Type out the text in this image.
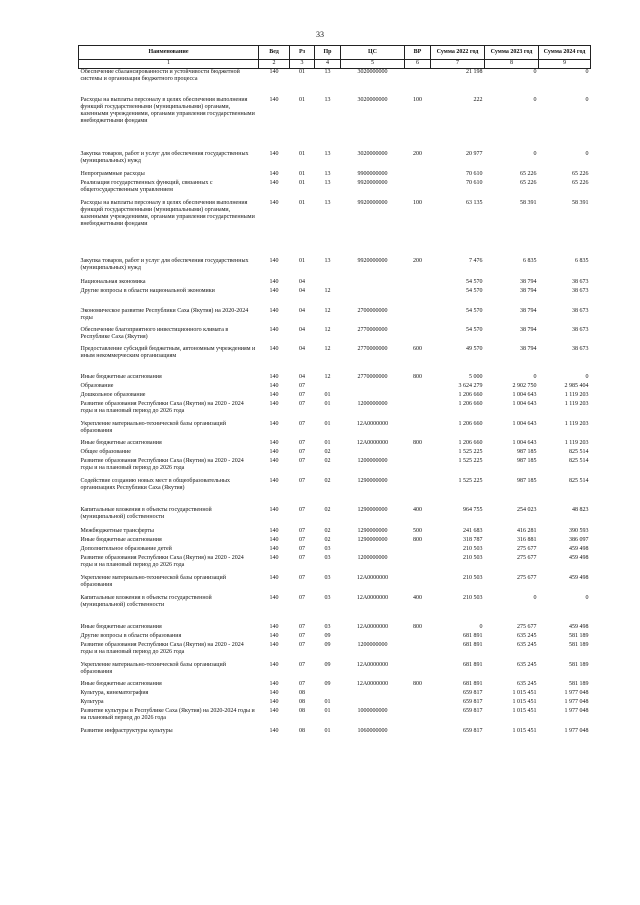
33
Наименование	Вед	Рз	Пр	ЦС	ВР	Сумма 2022 год	Сумма 2023 год	Сумма 2024 год
1	2	3	4	5	6	7	8	9
Обеспечение сбалансированности и устойчивости бюджетной системы и организация бюджетного процесса	140	01	13	3020000000		21 198	0	0
Расходы на выплаты персоналу в целях обеспечения выполнения функций государственными (муниципальными) органами, казенными учреждениями, органами управления государственными внебюджетными фондами	140	01	13	3020000000	100	222	0	0
Закупка товаров, работ и услуг для обеспечения государственных (муниципальных) нужд	140	01	13	3020000000	200	20 977	0	0
Непрограммные расходы	140	01	13	9900000000		70 610	65 226	65 226
Реализация государственных функций, связанных с общегосударственным управлением	140	01	13	9920000000		70 610	65 226	65 226
Расходы на выплаты персоналу в целях обеспечения выполнения функций государственными (муниципальными) органами, казенными учреждениями, органами управления государственными внебюджетными фондами	140	01	13	9920000000	100	63 135	58 391	58 391
Закупка товаров, работ и услуг для обеспечения государственных (муниципальных) нужд	140	01	13	9920000000	200	7 476	6 835	6 835
Национальная экономика	140	04				54 570	38 794	38 673
Другие вопросы в области национальной экономики	140	04	12			54 570	38 794	38 673
Экономическое развитие Республики Саха (Якутия) на 2020-2024 годы	140	04	12	2700000000		54 570	38 794	38 673
Обеспечение благоприятного инвестиционного климата в Республике Саха (Якутия)	140	04	12	2770000000		54 570	38 794	38 673
Предоставление субсидий бюджетным, автономным учреждениям и иным некоммерческим организациям	140	04	12	2770000000	600	49 570	38 794	38 673
Иные бюджетные ассигнования	140	04	12	2770000000	800	5 000	0	0
Образование	140	07				3 624 279	2 902 750	2 985 404
Дошкольное образование	140	07	01			1 206 660	1 004 643	1 119 203
Развитие образования Республики Саха (Якутия) на 2020 - 2024 годы и на плановый период до 2026 года	140	07	01	1200000000		1 206 660	1 004 643	1 119 203
Укрепление материально-технической базы организаций образования	140	07	01	12А0000000		1 206 660	1 004 643	1 119 203
Иные бюджетные ассигнования	140	07	01	12А0000000	800	1 206 660	1 004 643	1 119 203
Общее образование	140	07	02			1 525 225	987 185	825 514
Развитие образования Республики Саха (Якутия) на 2020 - 2024 годы и на плановый период до 2026 года	140	07	02	1200000000		1 525 225	987 185	825 514
Содействие созданию новых мест в общеобразовательных организациях Республики Саха (Якутия)	140	07	02	1290000000		1 525 225	987 185	825 514
Капитальные вложения в объекты государственной (муниципальной) собственности	140	07	02	1290000000	400	964 755	254 023	48 823
Межбюджетные трансферты	140	07	02	1290000000	500	241 683	416 281	390 593
Иные бюджетные ассигнования	140	07	02	1290000000	800	318 787	316 881	386 097
Дополнительное образование детей	140	07	03			210 503	275 677	459 498
Развитие образования Республики Саха (Якутия) на 2020 - 2024 годы и на плановый период до 2026 года	140	07	03	1200000000		210 503	275 677	459 498
Укрепление материально-технической базы организаций образования	140	07	03	12А0000000		210 503	275 677	459 498
Капитальные вложения в объекты государственной (муниципальной) собственности	140	07	03	12А0000000	400	210 503	0	0
Иные бюджетные ассигнования	140	07	03	12А0000000	800	0	275 677	459 498
Другие вопросы в области образования	140	07	09			681 891	635 245	581 189
Развитие образования Республики Саха (Якутия) на 2020 - 2024 годы и на плановый период до 2026 года	140	07	09	1200000000		681 891	635 245	581 189
Укрепление материально-технической базы организаций образования	140	07	09	12А0000000		681 891	635 245	581 189
Иные бюджетные ассигнования	140	07	09	12А0000000	800	681 891	635 245	581 189
Культура, кинематография	140	08				659 817	1 015 451	1 977 048
Культура	140	08	01			659 817	1 015 451	1 977 048
Развитие культуры в Республике Саха (Якутия) на 2020-2024 годы и на плановый период до 2026 года	140	08	01	1000000000		659 817	1 015 451	1 977 048
Развитие инфраструктуры культуры	140	08	01	1060000000		659 817	1 015 451	1 977 048
